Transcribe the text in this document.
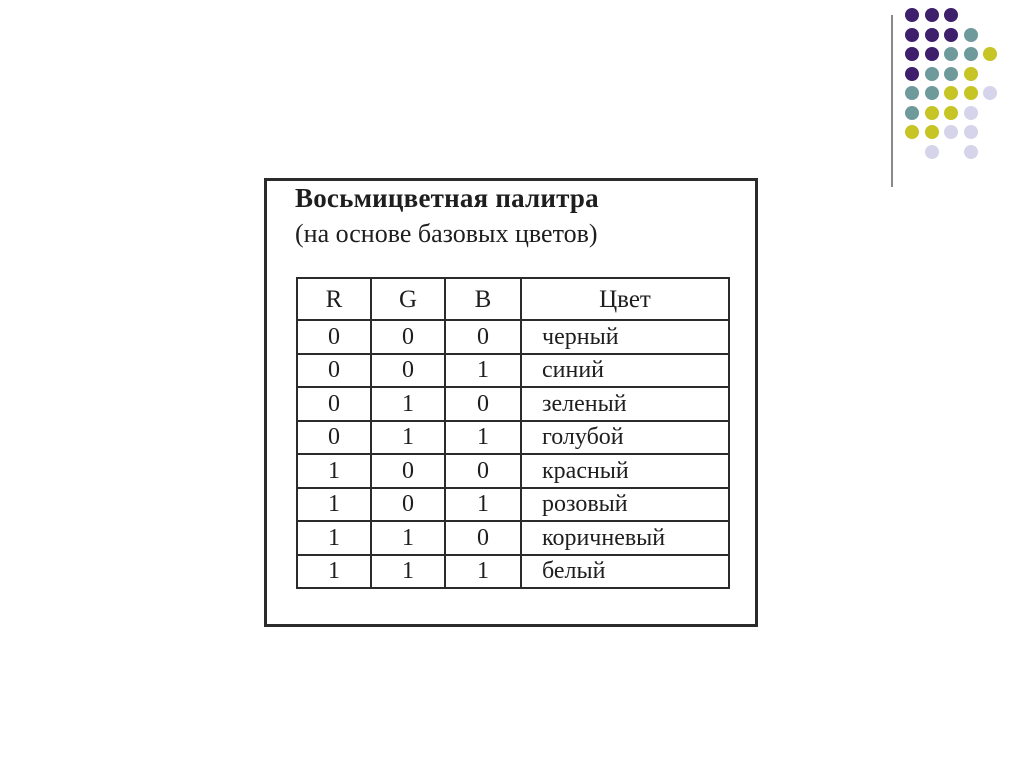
Восьмицветная палитра
(на основе базовых цветов)
R	G	B	Цвет
0	0	0	черный
0	0	1	синий
0	1	0	зеленый
0	1	1	голубой
1	0	0	красный
1	0	1	розовый
1	1	0	коричневый
1	1	1	белый
